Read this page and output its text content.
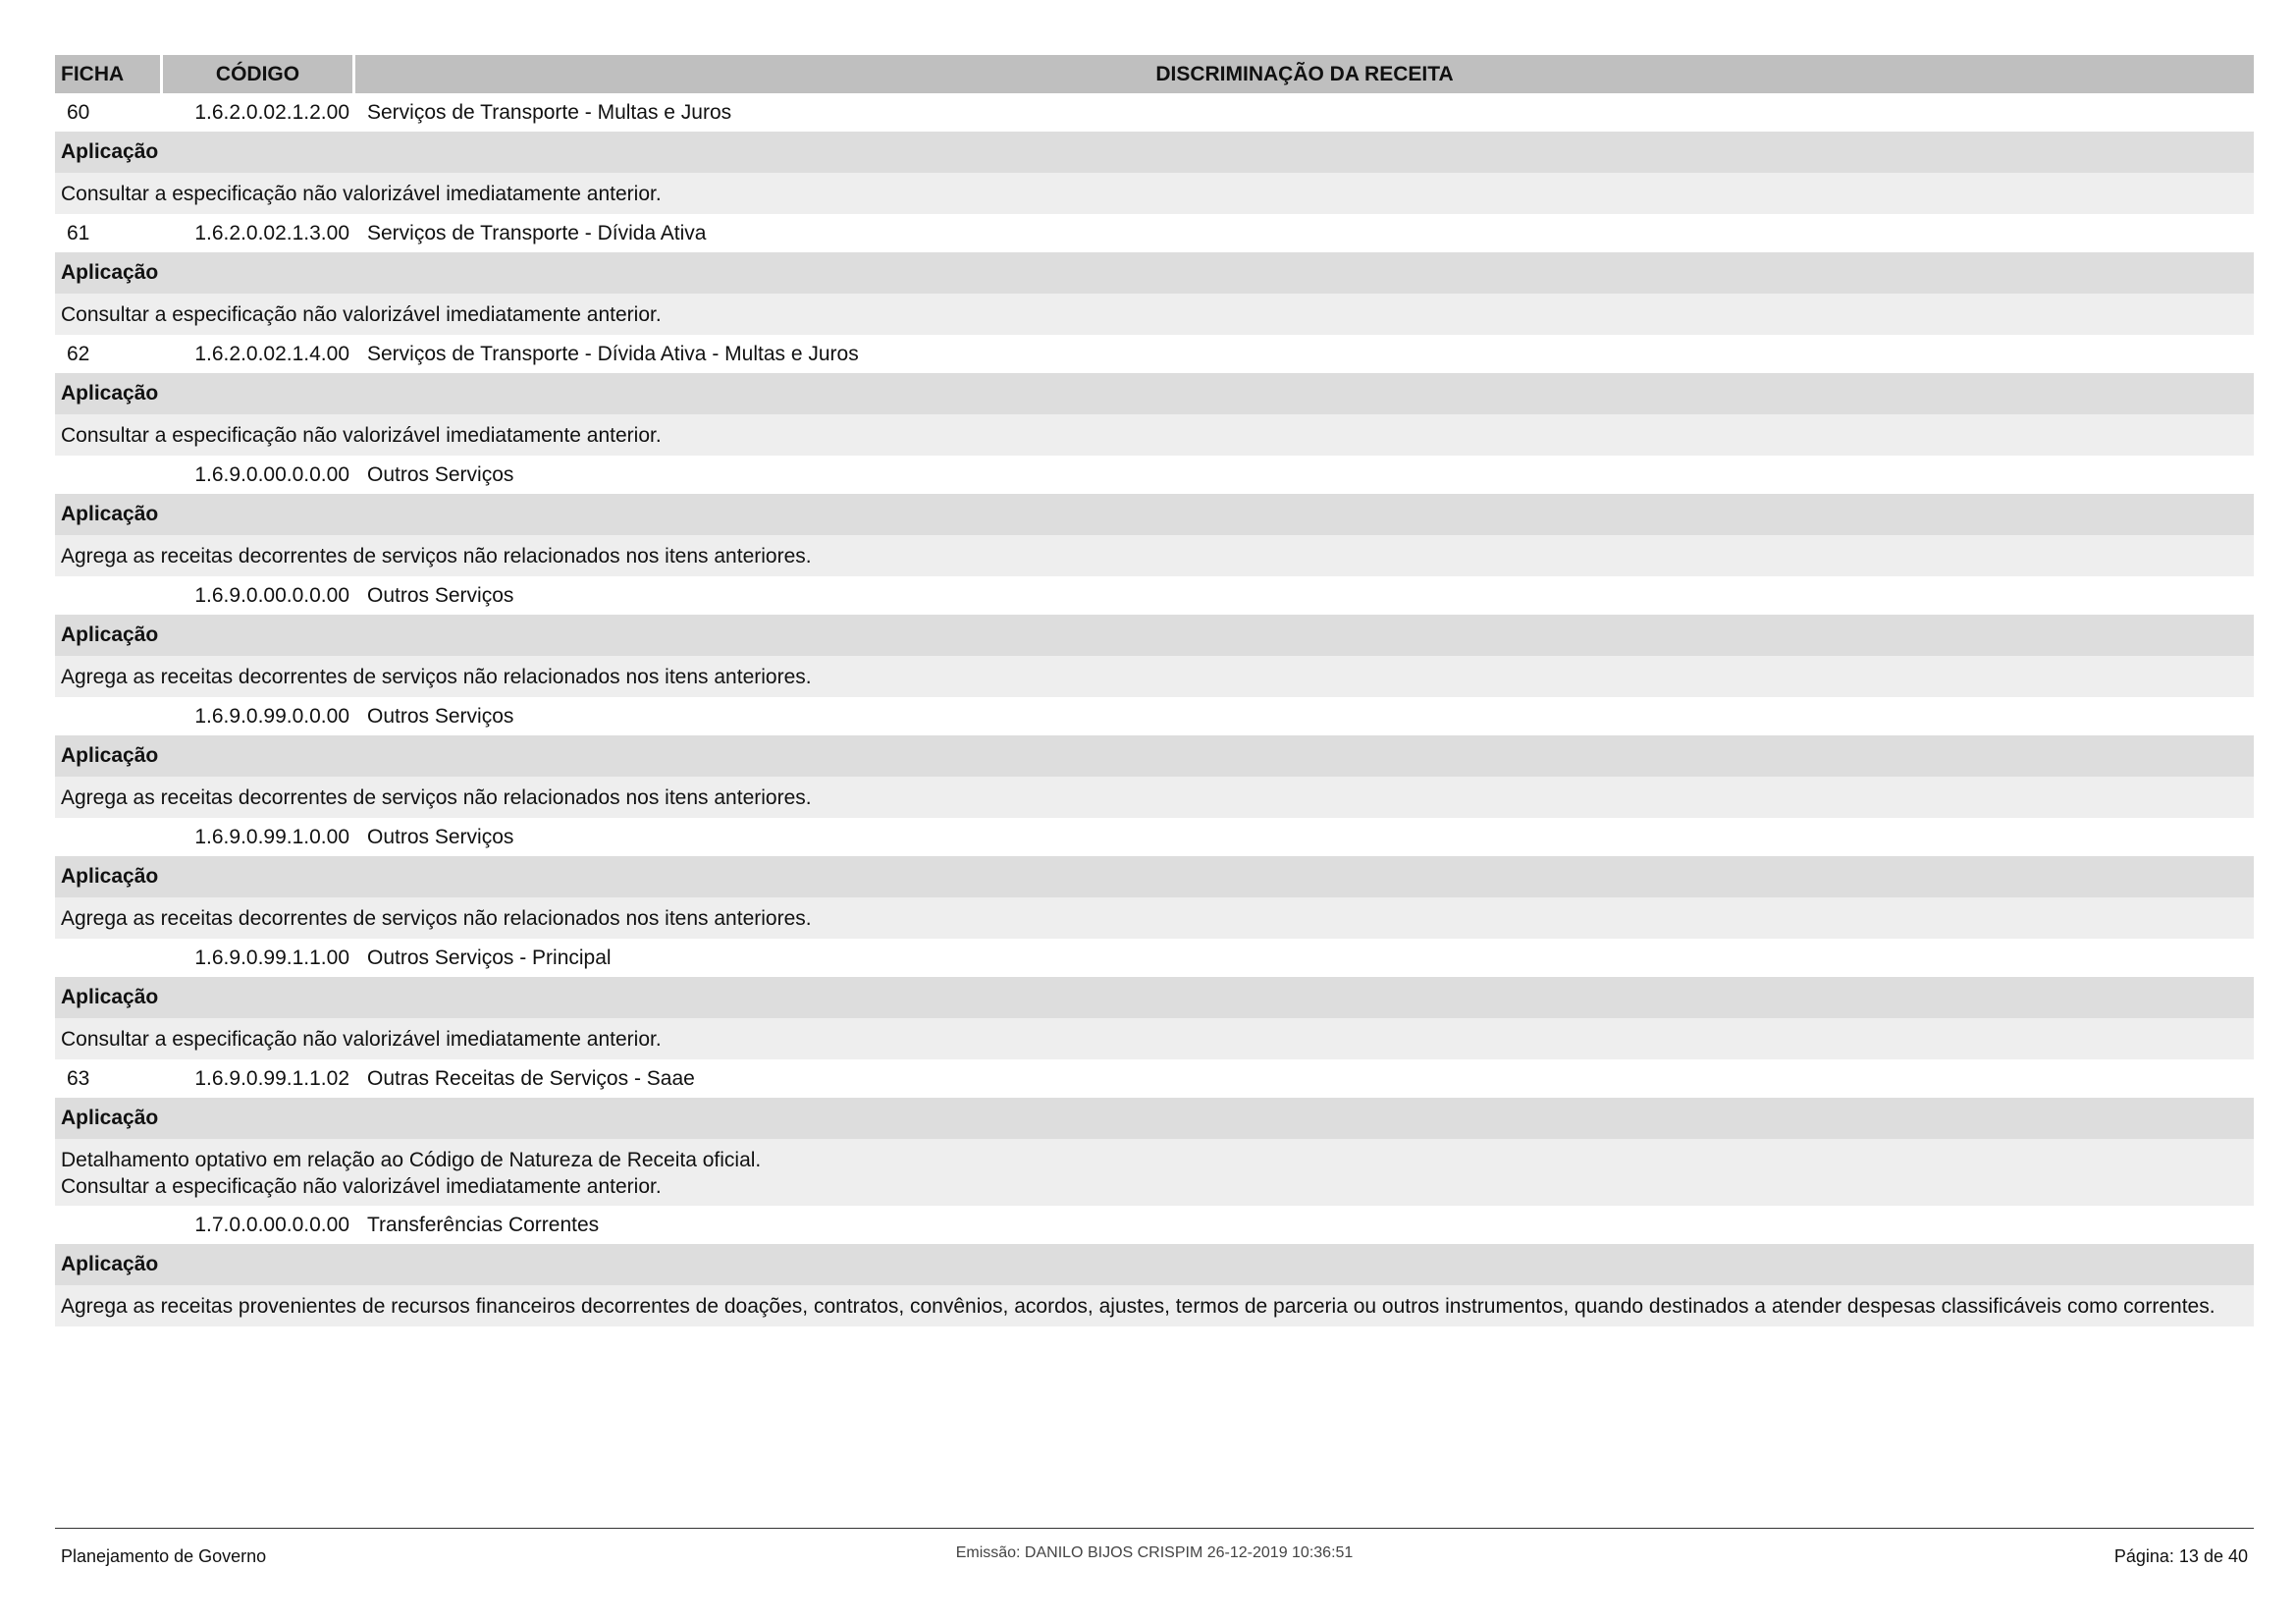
FICHA	CÓDIGO	DISCRIMINAÇÃO DA RECEITA
60	1.6.2.0.02.1.2.00 Serviços de Transporte - Multas e Juros
Aplicação
Consultar a especificação não valorizável imediatamente anterior.
61	1.6.2.0.02.1.3.00 Serviços de Transporte - Dívida Ativa
Aplicação
Consultar a especificação não valorizável imediatamente anterior.
62	1.6.2.0.02.1.4.00 Serviços de Transporte - Dívida Ativa - Multas e Juros
Aplicação
Consultar a especificação não valorizável imediatamente anterior.
1.6.9.0.00.0.0.00 Outros Serviços
Aplicação
Agrega as receitas decorrentes de serviços não relacionados nos itens anteriores.
1.6.9.0.00.0.0.00 Outros Serviços
Aplicação
Agrega as receitas decorrentes de serviços não relacionados nos itens anteriores.
1.6.9.0.99.0.0.00 Outros Serviços
Aplicação
Agrega as receitas decorrentes de serviços não relacionados nos itens anteriores.
1.6.9.0.99.1.0.00 Outros Serviços
Aplicação
Agrega as receitas decorrentes de serviços não relacionados nos itens anteriores.
1.6.9.0.99.1.1.00 Outros Serviços - Principal
Aplicação
Consultar a especificação não valorizável imediatamente anterior.
63	1.6.9.0.99.1.1.02 Outras Receitas de Serviços - Saae
Aplicação
Detalhamento optativo em relação ao Código de Natureza de Receita oficial.
Consultar a especificação não valorizável imediatamente anterior.
1.7.0.0.00.0.0.00 Transferências Correntes
Aplicação
Agrega as receitas provenientes de recursos financeiros decorrentes de doações, contratos, convênios, acordos, ajustes, termos de parceria ou outros instrumentos, quando destinados a atender despesas classificáveis como correntes.
Planejamento de Governo	Emissão: DANILO BIJOS CRISPIM 26-12-2019 10:36:51	Página: 13 de 40
